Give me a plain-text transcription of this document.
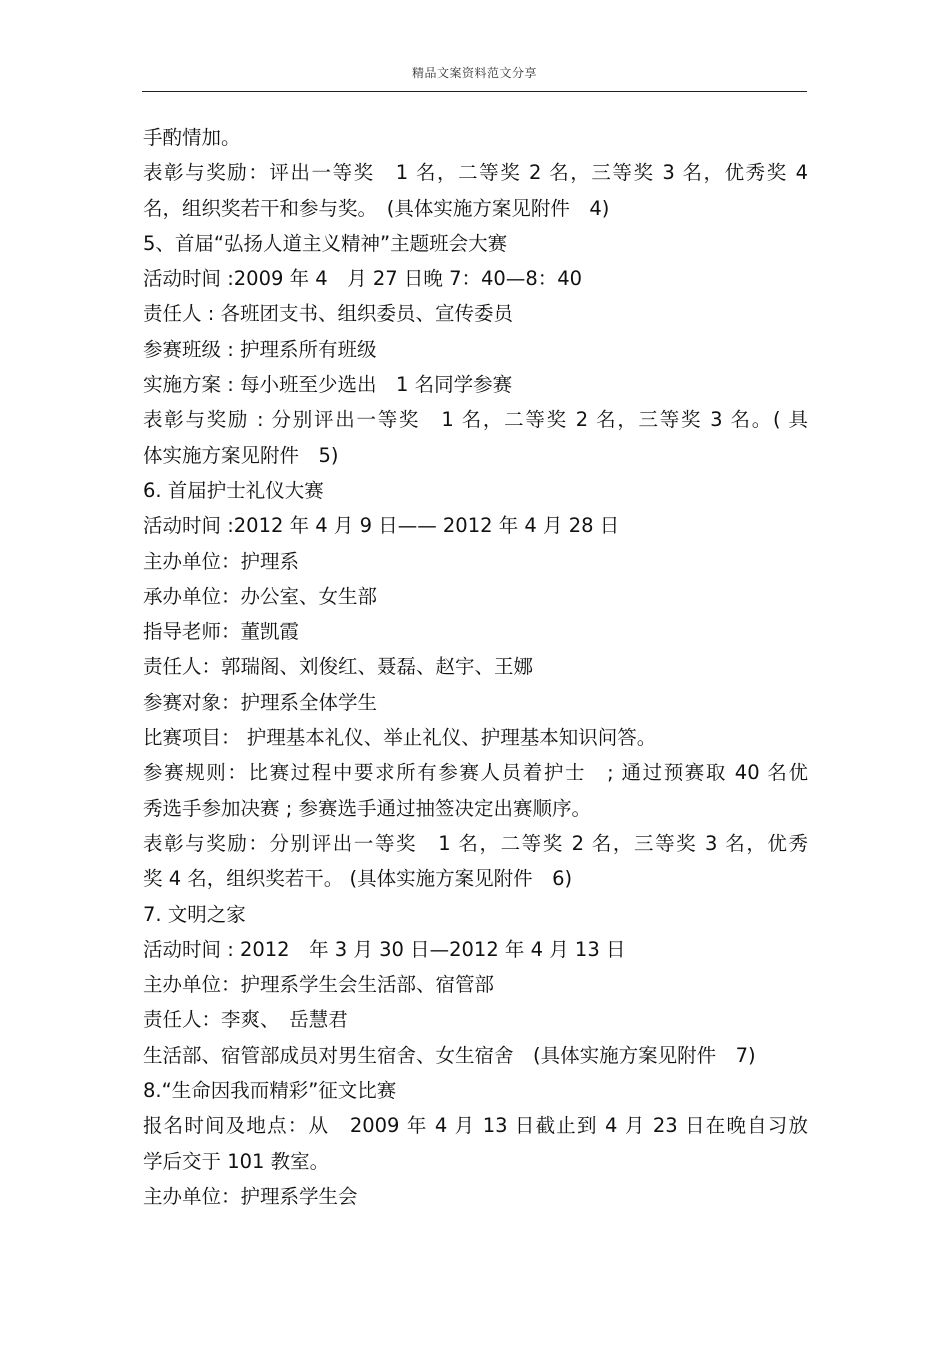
精品文案资料范文分享
手酌情加。
表彰与奖励：评出一等奖　1 名，二等奖 2 名，三等奖 3 名，优秀奖 4
名，组织奖若干和参与奖。　(具体实施方案见附件　4)
5、首届“弘扬人道主义精神”主题班会大赛
活动时间 :2009 年 4　月 27 日晚 7：40—8：40
责任人 : 各班团支书、组织委员、宣传委员
参赛班级 : 护理系所有班级
实施方案 : 每小班至少选出　1 名同学参赛
表彰与奖励 : 分别评出一等奖　1 名，二等奖 2 名，三等奖 3 名。( 具
体实施方案见附件　5)
6. 首届护士礼仪大赛
活动时间 :2012 年 4 月 9 日—— 2012 年 4 月 28 日
主办单位：护理系
承办单位：办公室、女生部
指导老师：董凯霞
责任人：郭瑞阁、刘俊红、聂磊、赵宇、王娜
参赛对象：护理系全体学生
比赛项目： 护理基本礼仪、举止礼仪、护理基本知识问答。
参赛规则：比赛过程中要求所有参赛人员着护士　; 通过预赛取 40 名优
秀选手参加决赛 ; 参赛选手通过抽签决定出赛顺序。
表彰与奖励：分别评出一等奖　1 名，二等奖 2 名，三等奖 3 名，优秀
奖 4 名，组织奖若干。 (具体实施方案见附件　6)
7. 文明之家
活动时间 : 2012　年 3 月 30 日—2012 年 4 月 13 日
主办单位：护理系学生会生活部、宿管部
责任人：李爽、　岳慧君
生活部、宿管部成员对男生宿舍、女生宿舍　(具体实施方案见附件　7)
8.“生命因我而精彩”征文比赛
报名时间及地点：从　2009 年 4 月 13 日截止到 4 月 23 日在晚自习放
学后交于 101 教室。
主办单位：护理系学生会
